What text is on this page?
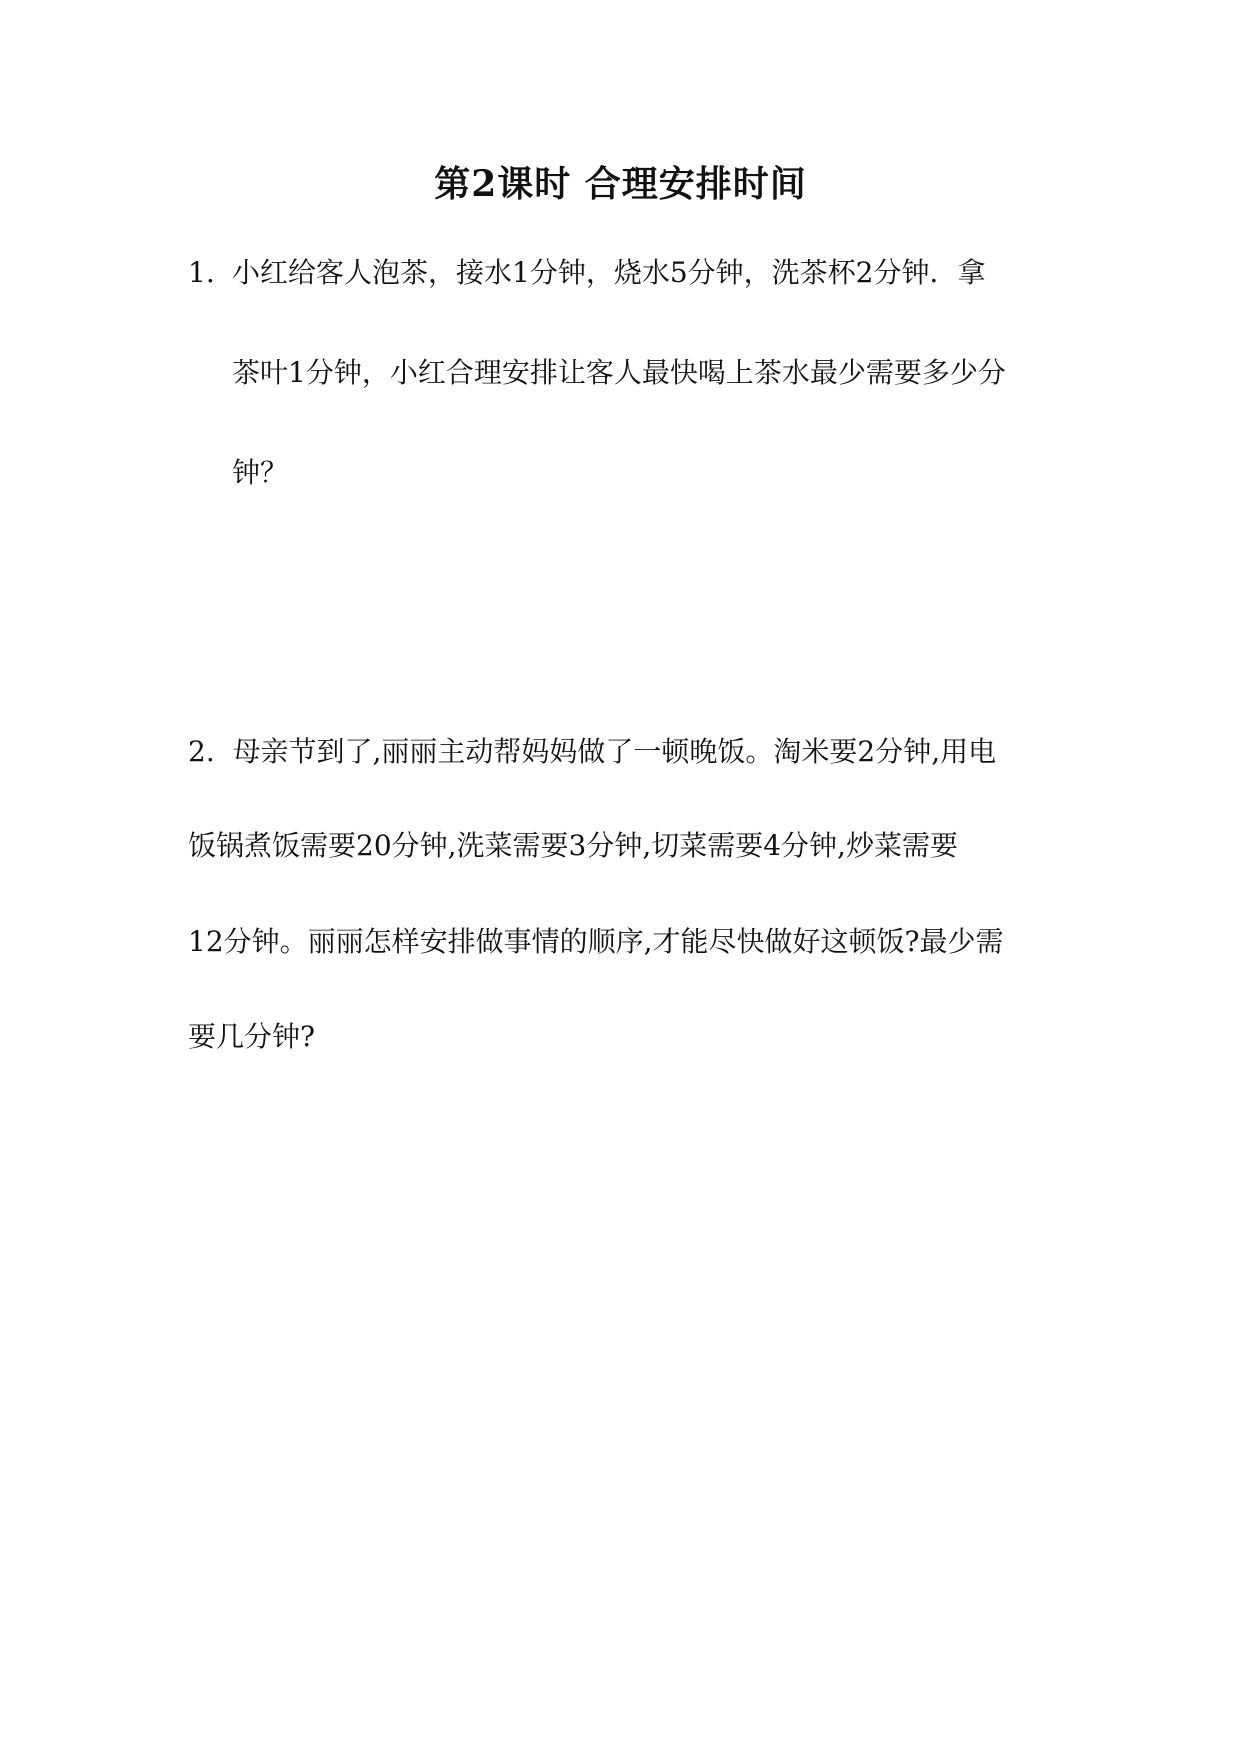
第2课时 合理安排时间
1. 小红给客人泡茶，接水1分钟，烧水5分钟，洗茶杯2分钟．拿
茶叶1分钟，小红合理安排让客人最快喝上茶水最少需要多少分
钟？
2. 母亲节到了,丽丽主动帮妈妈做了一顿晚饭。淘米要2分钟,用电
饭锅煮饭需要20分钟,洗菜需要3分钟,切菜需要4分钟,炒菜需要
12分钟。丽丽怎样安排做事情的顺序,才能尽快做好这顿饭?最少需
要几分钟?
